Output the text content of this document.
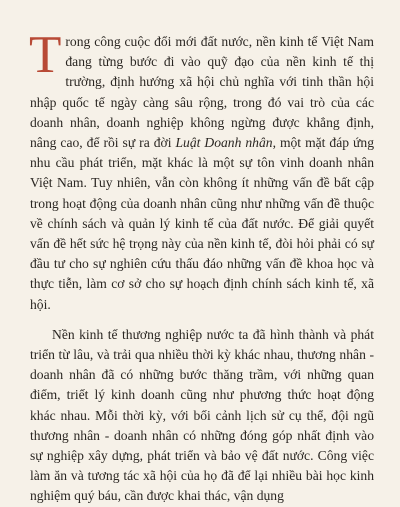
Trong công cuộc đổi mới đất nước, nền kinh tế Việt Nam đang từng bước đi vào quỹ đạo của nền kinh tế thị trường, định hướng xã hội chủ nghĩa với tinh thần hội nhập quốc tế ngày càng sâu rộng, trong đó vai trò của các doanh nhân, doanh nghiệp không ngừng được khẳng định, nâng cao, để rồi sự ra đời Luật Doanh nhân, một mặt đáp ứng nhu cầu phát triển, mặt khác là một sự tôn vinh doanh nhân Việt Nam. Tuy nhiên, vẫn còn không ít những vấn đề bất cập trong hoạt động của doanh nhân cũng như những vấn đề thuộc về chính sách và quản lý kinh tế của đất nước. Để giải quyết vấn đề hết sức hệ trọng này của nền kinh tế, đòi hỏi phải có sự đầu tư cho sự nghiên cứu thấu đáo những vấn đề khoa học và thực tiễn, làm cơ sở cho sự hoạch định chính sách kinh tế, xã hội.

Nền kinh tế thương nghiệp nước ta đã hình thành và phát triển từ lâu, và trải qua nhiều thời kỳ khác nhau, thương nhân - doanh nhân đã có những bước thăng trầm, với những quan điểm, triết lý kinh doanh cũng như phương thức hoạt động khác nhau. Mỗi thời kỳ, với bối cảnh lịch sử cụ thể, đội ngũ thương nhân - doanh nhân có những đóng góp nhất định vào sự nghiệp xây dựng, phát triển và bảo vệ đất nước. Công việc làm ăn và tương tác xã hội của họ đã để lại nhiều bài học kinh nghiệm quý báu, cần được khai thác, vận dụng
